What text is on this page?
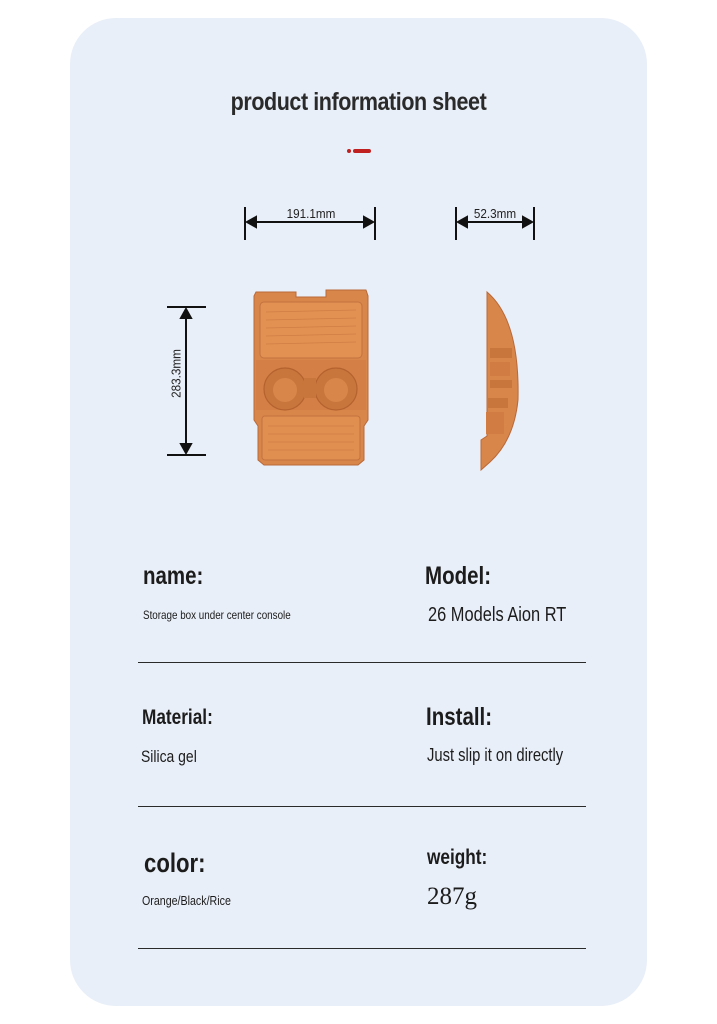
product information sheet
191.1mm	52.3mm
283.3mm
name:
Storage box under center console
Model:
26 Models Aion RT
Material:
Silica gel
Install:
Just slip it on directly
color:
Orange/Black/Rice
weight:
287g
